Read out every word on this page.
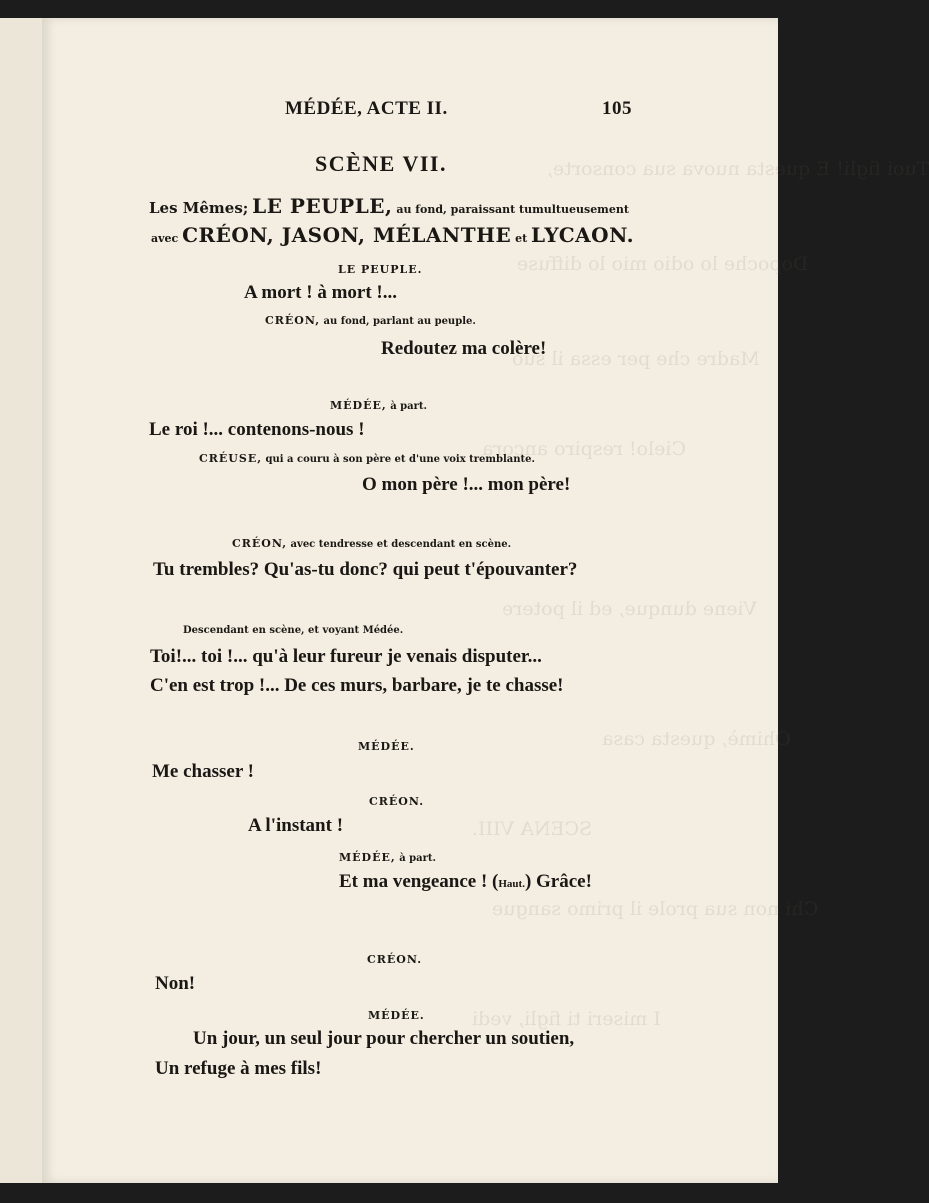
Tuoi figli! E questa nuova sua consorte,
Dopoche lo odio mio lo diffuse
Madre che per essa il suo
Cielo! respiro ancora
Viene dunque, ed il potere
Ohimè, questa casa
SCENA VIII.
Chi non sua prole il primo sangue
I miseri ti figli, vedi
MÉDÉE, ACTE II.	105
SCÈNE VII.
Les Mêmes; LE PEUPLE, au fond, paraissant tumultueusement
avec CRÉON, JASON, MÉLANTHE et LYCAON.
LE PEUPLE.
A mort ! à mort !...
CRÉON, au fond, parlant au peuple.
Redoutez ma colère!
MÉDÉE, à part.
Le roi !... contenons-nous !
CRÉUSE, qui a couru à son père et d'une voix tremblante.
O mon père !... mon père!
CRÉON, avec tendresse et descendant en scène.
Tu trembles? Qu'as-tu donc? qui peut t'épouvanter?
Descendant en scène, et voyant Médée.
Toi!... toi !... qu'à leur fureur je venais disputer...
C'en est trop !... De ces murs, barbare, je te chasse!
MÉDÉE.
Me chasser !
CRÉON.
A l'instant !
MÉDÉE, à part.
Et ma vengeance ! (Haut.) Grâce!
CRÉON.
Non!
MÉDÉE.
Un jour, un seul jour pour chercher un soutien,
Un refuge à mes fils!
